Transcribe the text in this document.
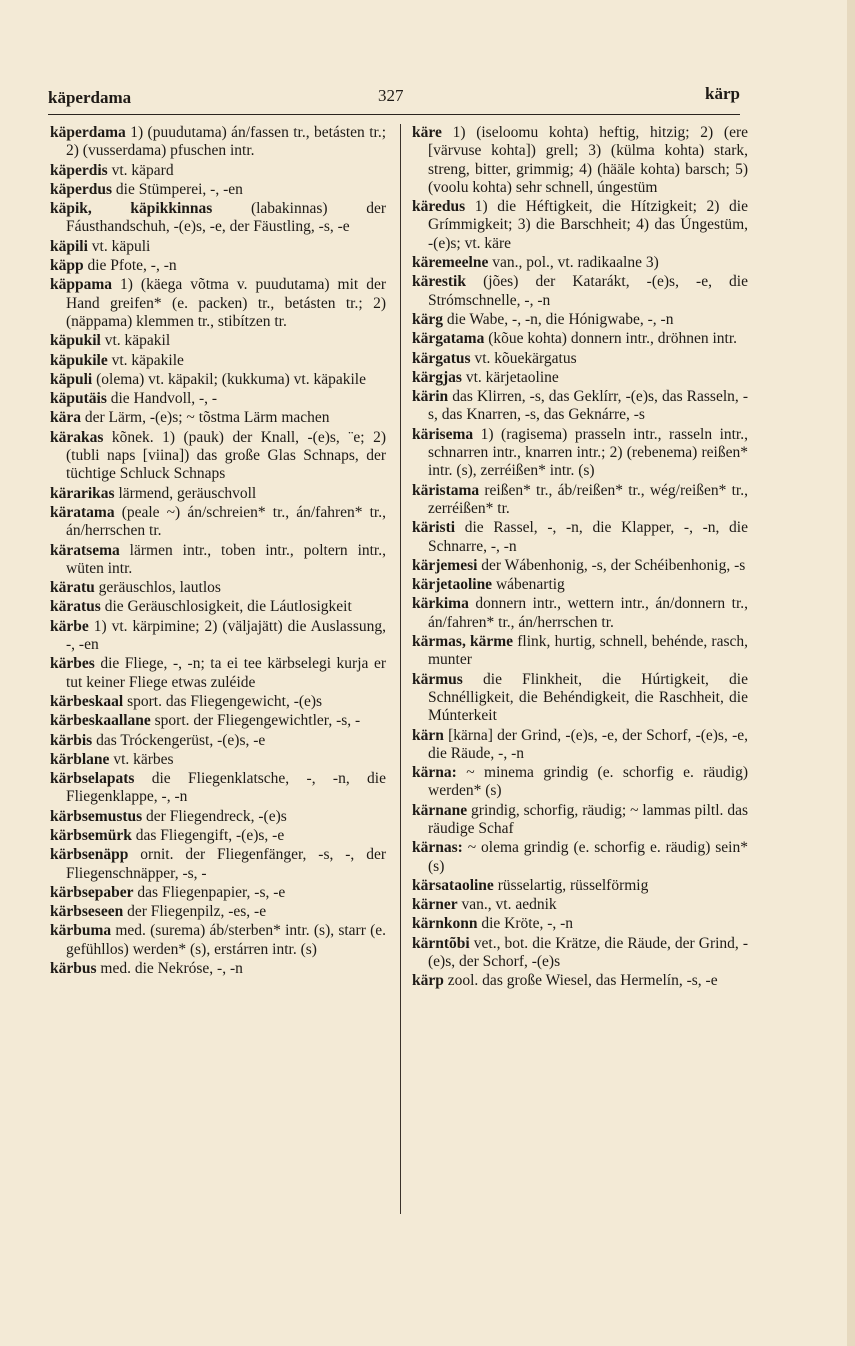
käperdama	327	kärp

käperdama 1) (puudutama) án/fassen tr., betásten tr.; 2) (vusserdama) pfuschen intr.

käperdis vt. käpard

käperdus die Stümperei, -, -en

käpik, käpikkinnas (labakinnas) der Fáusthandschuh, -(e)s, -e, der Fäustling, -s, -e

käpili vt. käpuli

käpp die Pfote, -, -n

käppama 1) (käega võtma v. puudutama) mit der Hand greifen* (e. packen) tr., betásten tr.; 2) (näppama) klemmen tr., stibítzen tr.

käpukil vt. käpakil

käpukile vt. käpakile

käpuli (olema) vt. käpakil; (kukkuma) vt. käpakile

käputäis die Handvoll, -, -

kära der Lärm, -(e)s; ~ tõstma Lärm machen

kärakas kõnek. 1) (pauk) der Knall, -(e)s, ¨e; 2) (tubli naps [viina]) das große Glas Schnaps, der tüchtige Schluck Schnaps

kärarikas lärmend, geräuschvoll

käratama (peale ~) án/schreien* tr., án/fahren* tr., án/herrschen tr.

käratsema lärmen intr., toben intr., poltern intr., wüten intr.

käratu geräuschlos, lautlos

käratus die Geräuschlosigkeit, die Láutlosigkeit

kärbe 1) vt. kärpimine; 2) (väljajätt) die Auslassung, -, -en

kärbes die Fliege, -, -n; ta ei tee kärbselegi kurja er tut keiner Fliege etwas zuléide

kärbeskaal sport. das Fliegengewicht, -(e)s

kärbeskaallane sport. der Fliegengewichtler, -s, -

kärbis das Tróckengerüst, -(e)s, -e

kärblane vt. kärbes

kärbselapats die Fliegenklatsche, -, -n, die Fliegenklappe, -, -n

kärbsemustus der Fliegendreck, -(e)s

kärbsemürk das Fliegengift, -(e)s, -e

kärbsenäpp ornit. der Fliegenfänger, -s, -, der Fliegenschnäpper, -s, -

kärbsepaber das Fliegenpapier, -s, -e

kärbseseen der Fliegenpilz, -es, -e

kärbuma med. (surema) áb/sterben* intr. (s), starr (e. gefühllos) werden* (s), erstárren intr. (s)

kärbus med. die Nekróse, -, -n

käre 1) (iseloomu kohta) heftig, hitzig; 2) (ere [värvuse kohta]) grell; 3) (külma kohta) stark, streng, bitter, grimmig; 4) (hääle kohta) barsch; 5) (voolu kohta) sehr schnell, úngestüm

käredus 1) die Héftigkeit, die Hítzigkeit; 2) die Grímmigkeit; 3) die Barschheit; 4) das Úngestüm, -(e)s; vt. käre

käremeelne van., pol., vt. radikaalne 3)

kärestik (jões) der Katarákt, -(e)s, -e, die Strómschnelle, -, -n

kärg die Wabe, -, -n, die Hónigwabe, -, -n

kärgatama (kõue kohta) donnern intr., dröhnen intr.

kärgatus vt. kõuekärgatus

kärgjas vt. kärjetaoline

kärin das Klirren, -s, das Geklírr, -(e)s, das Rasseln, -s, das Knarren, -s, das Geknárre, -s

kärisema 1) (ragisema) prasseln intr., rasseln intr., schnarren intr., knarren intr.; 2) (rebenema) reißen* intr. (s), zerréißen* intr. (s)

käristama reißen* tr., áb/reißen* tr., wég/reißen* tr., zerréißen* tr.

käristi die Rassel, -, -n, die Klapper, -, -n, die Schnarre, -, -n

kärjemesi der Wábenhonig, -s, der Schéibenhonig, -s

kärjetaoline wábenartig

kärkima donnern intr., wettern intr., án/donnern tr., án/fahren* tr., án/herrschen tr.

kärmas, kärme flink, hurtig, schnell, behénde, rasch, munter

kärmus die Flinkheit, die Húrtigkeit, die Schnélligkeit, die Behéndigkeit, die Raschheit, die Múnterkeit

kärn [kärna] der Grind, -(e)s, -e, der Schorf, -(e)s, -e, die Räude, -, -n

kärna: ~ minema grindig (e. schorfig e. räudig) werden* (s)

kärnane grindig, schorfig, räudig; ~ lammas piltl. das räudige Schaf

kärnas: ~ olema grindig (e. schorfig e. räudig) sein* (s)

kärsataoline rüsselartig, rüsselförmig

kärner van., vt. aednik

kärnkonn die Kröte, -, -n

kärntõbi vet., bot. die Krätze, die Räude, der Grind, -(e)s, der Schorf, -(e)s

kärp zool. das große Wiesel, das Hermelín, -s, -e
